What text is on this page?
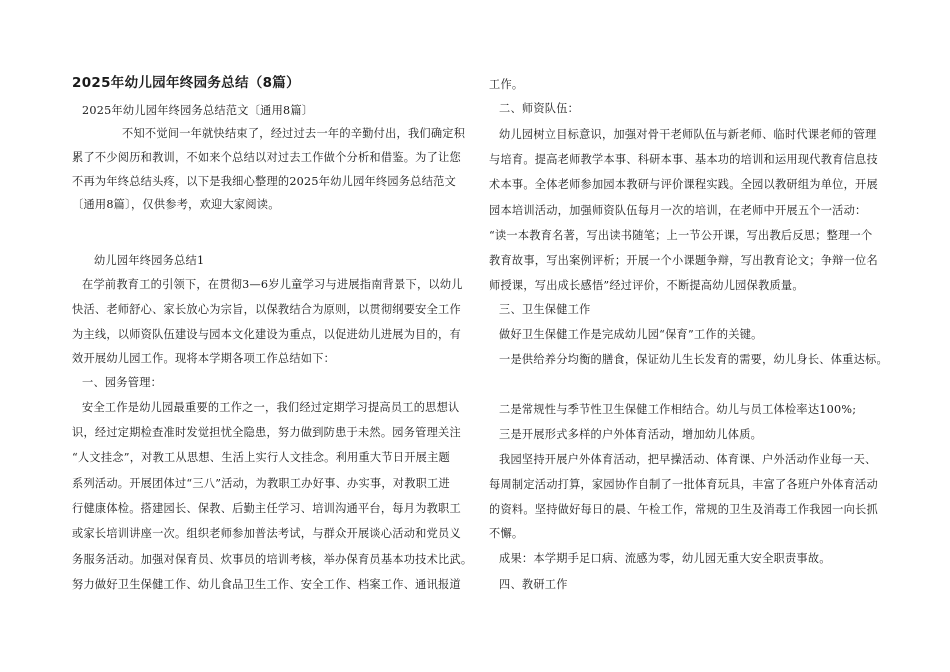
2025年幼儿园年终园务总结（8篇）
2025年幼儿园年终园务总结范文〔通用8篇〕
不知不觉间一年就快结束了，经过过去一年的辛勤付出，我们确定积
累了不少阅历和教训，不如来个总结以对过去工作做个分析和借鉴。为了让您
不再为年终总结头疼，以下是我细心整理的2025年幼儿园年终园务总结范文
〔通用8篇〕，仅供参考，欢迎大家阅读。
幼儿园年终园务总结1
在学前教育工的引领下，在贯彻3—6岁儿童学习与进展指南背景下，以幼儿
快活、老师舒心、家长放心为宗旨，以保教结合为原则，以贯彻纲要安全工作
为主线，以师资队伍建设与园本文化建设为重点，以促进幼儿进展为目的，有
效开展幼儿园工作。现将本学期各项工作总结如下：
一、园务管理：
安全工作是幼儿园最重要的工作之一，我们经过定期学习提高员工的思想认
识，经过定期检查准时发觉担忧全隐患，努力做到防患于未然。园务管理关注
“人文挂念”，对教工从思想、生活上实行人文挂念。利用重大节日开展主题
系列活动。开展团体过“三八”活动，为教职工办好事、办实事，对教职工进
行健康体检。搭建园长、保教、后勤主任学习、培训沟通平台，每月为教职工
或家长培训讲座一次。组织老师参加普法考试，与群众开展谈心活动和党员义
务服务活动。加强对保育员、炊事员的培训考核，举办保育员基本功技术比武。
努力做好卫生保健工作、幼儿食品卫生工作、安全工作、档案工作、通讯报道
工作。
二、师资队伍：
幼儿园树立目标意识，加强对骨干老师队伍与新老师、临时代课老师的管理
与培育。提高老师教学本事、科研本事、基本功的培训和运用现代教育信息技
术本事。全体老师参加园本教研与评价课程实践。全园以教研组为单位，开展
园本培训活动，加强师资队伍每月一次的培训，在老师中开展五个一活动：
“读一本教育名著，写出读书随笔；上一节公开课，写出教后反思；整理一个
教育故事，写出案例评析；开展一个小课题争辩，写出教育论文；争辩一位名
师授课，写出成长感悟”经过评价，不断提高幼儿园保教质量。
三、卫生保健工作
做好卫生保健工作是完成幼儿园“保育”工作的关键。
一是供给养分均衡的膳食，保证幼儿生长发育的需要，幼儿身长、体重达标。
二是常规性与季节性卫生保健工作相结合。幼儿与员工体检率达100%;
三是开展形式多样的户外体育活动，增加幼儿体质。
我园坚持开展户外体育活动，把早操活动、体育课、户外活动作业每一天、
每周制定活动打算，家园协作自制了一批体育玩具，丰富了各班户外体育活动
的资料。坚持做好每日的晨、午检工作，常规的卫生及消毒工作我园一向长抓
不懈。
成果：本学期手足口病、流感为零，幼儿园无重大安全职责事故。
四、教研工作
